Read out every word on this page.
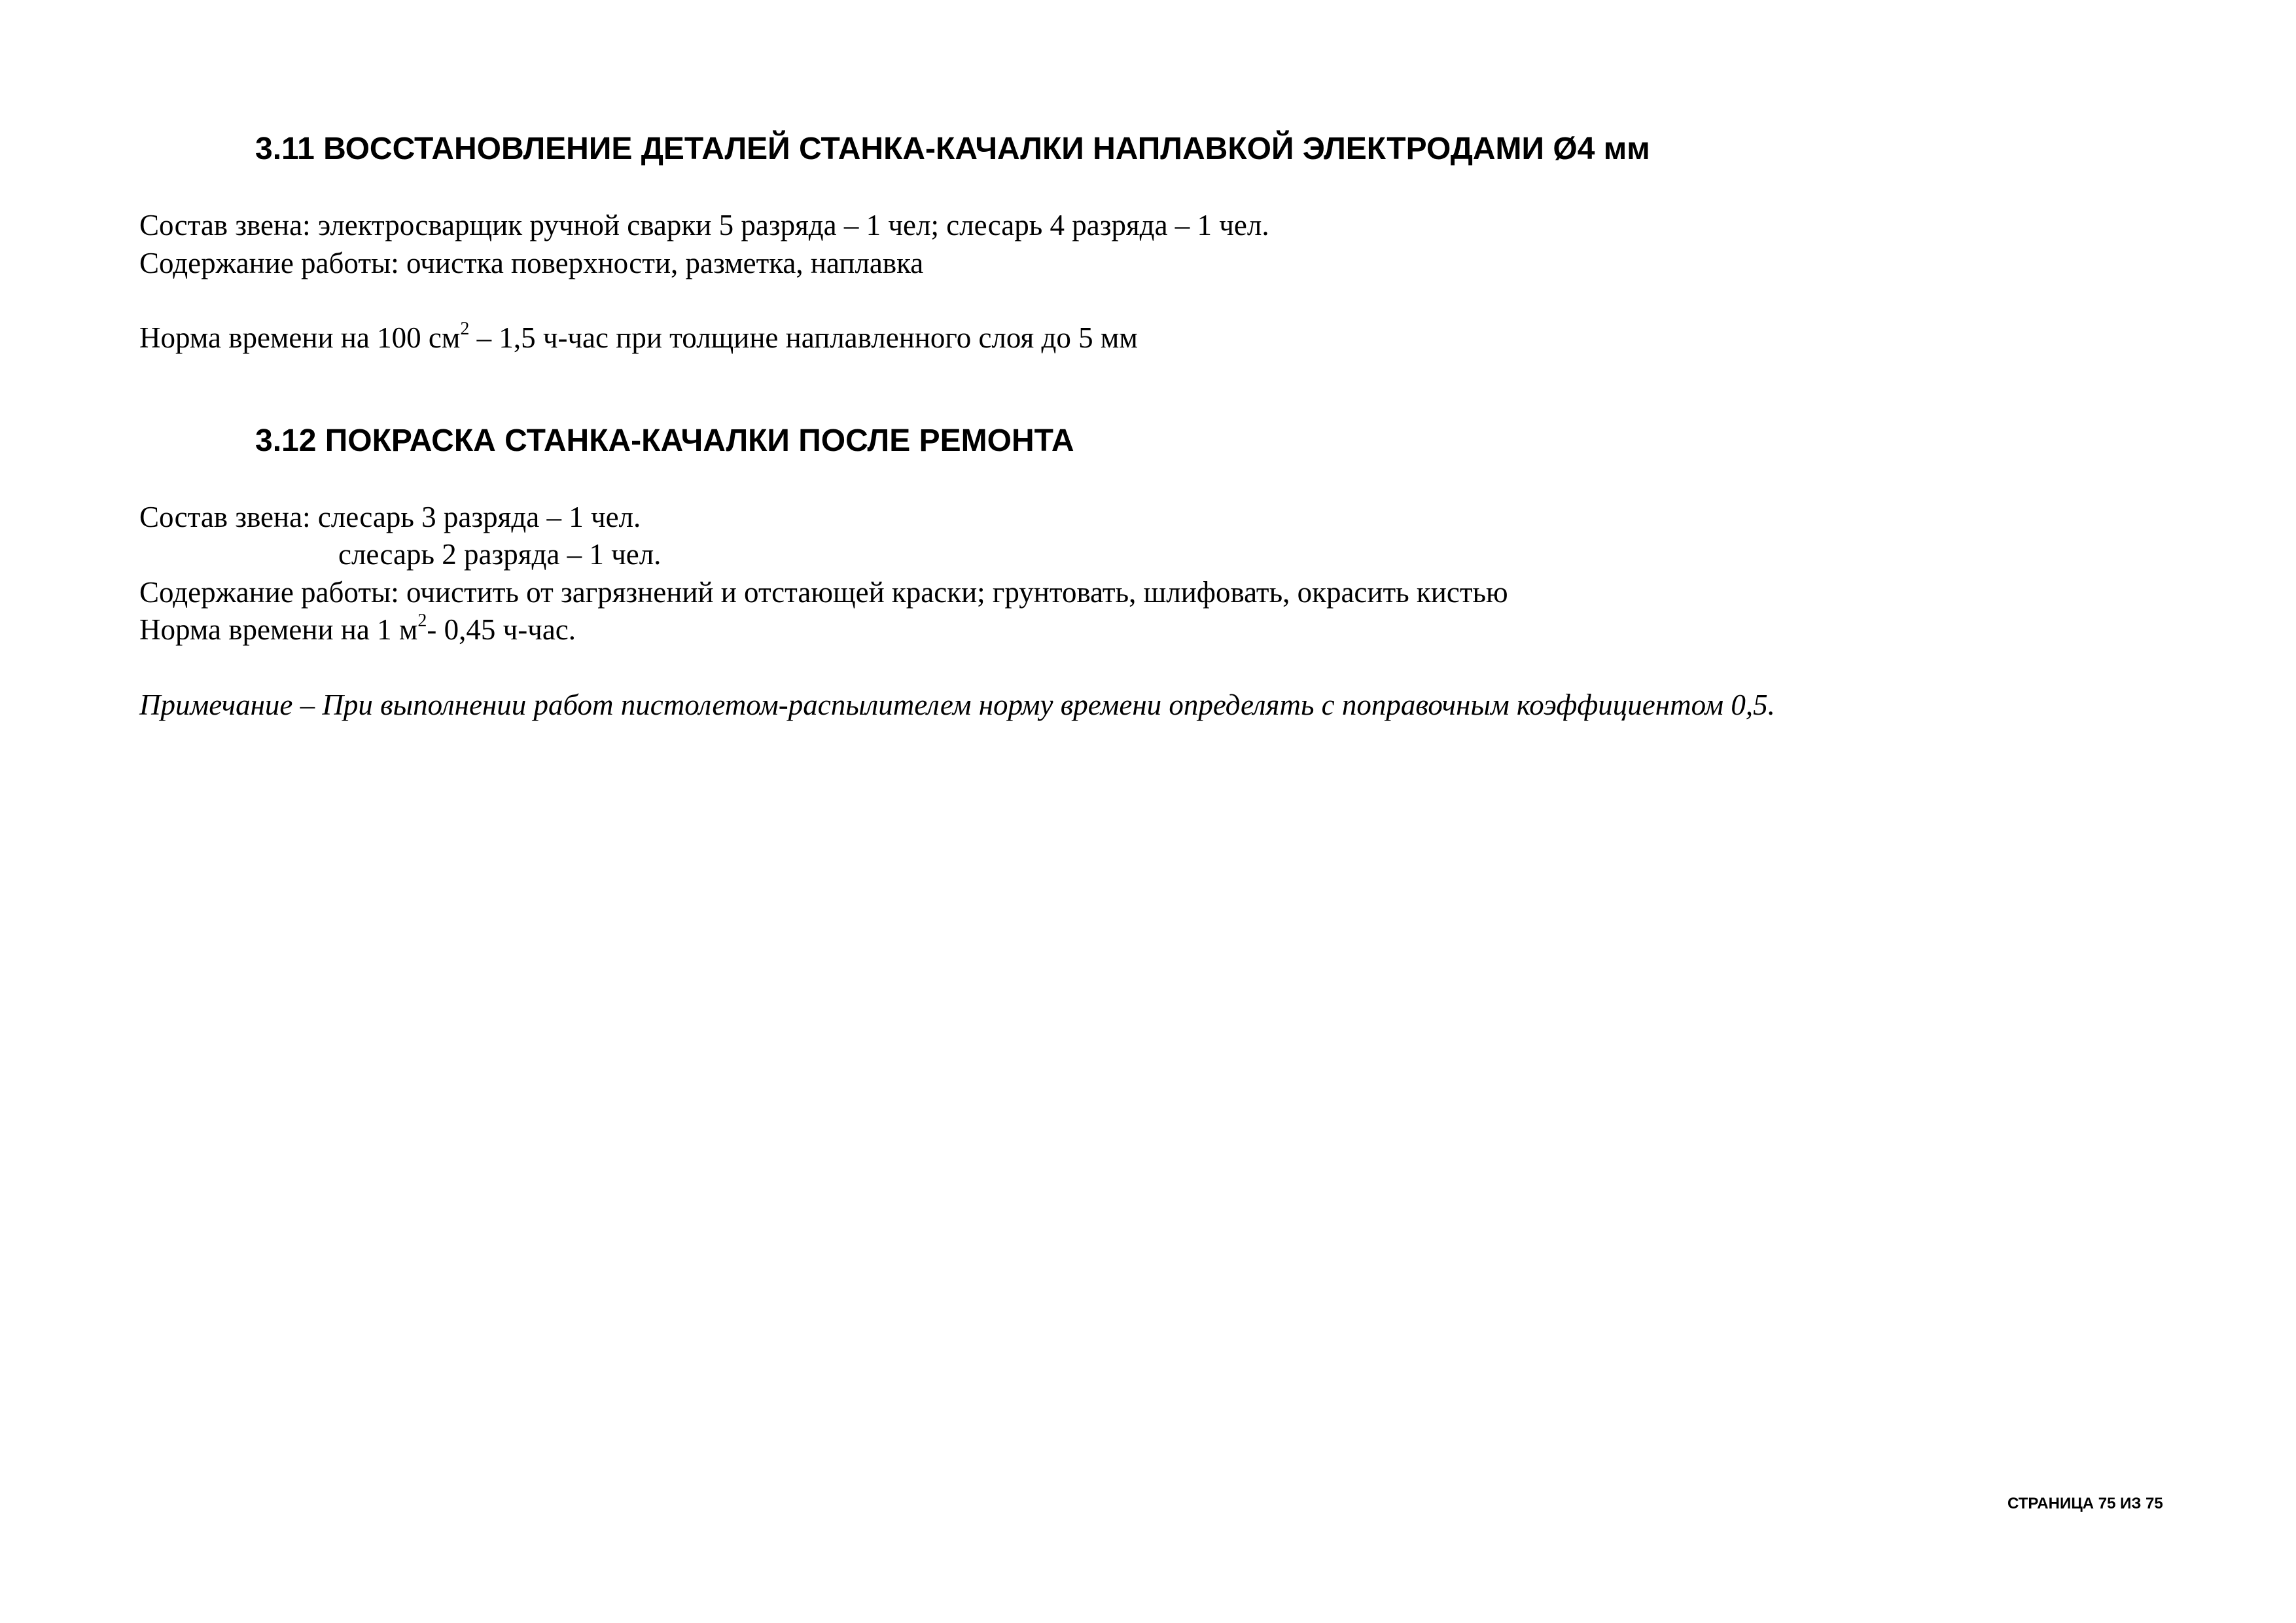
3.11 ВОССТАНОВЛЕНИЕ ДЕТАЛЕЙ СТАНКА-КАЧАЛКИ НАПЛАВКОЙ ЭЛЕКТРОДАМИ Ø4 мм
Состав звена: электросварщик ручной сварки 5 разряда – 1 чел; слесарь 4 разряда – 1 чел.
Содержание работы: очистка поверхности, разметка, наплавка
Норма времени на 100 $см^2 - 1,5$ ч-час при толщине наплавленного слоя до 5 мм
3.12 ПОКРАСКА СТАНКА-КАЧАЛКИ ПОСЛЕ РЕМОНТА
Состав звена: слесарь 3 разряда – 1 чел.
слесарь 2 разряда – 1 чел.
Содержание работы: очистить от загрязнений и отстающей краски; грунтовать, шлифовать, окрасить кистью
Норма времени на 1 $м^2-$ 0,45 ч-час.
Примечание – При выполнении работ пистолетом-распылителем норму времени определять с поправочным коэффициентом 0,5.
СТРАНИЦА 75 ИЗ 75
